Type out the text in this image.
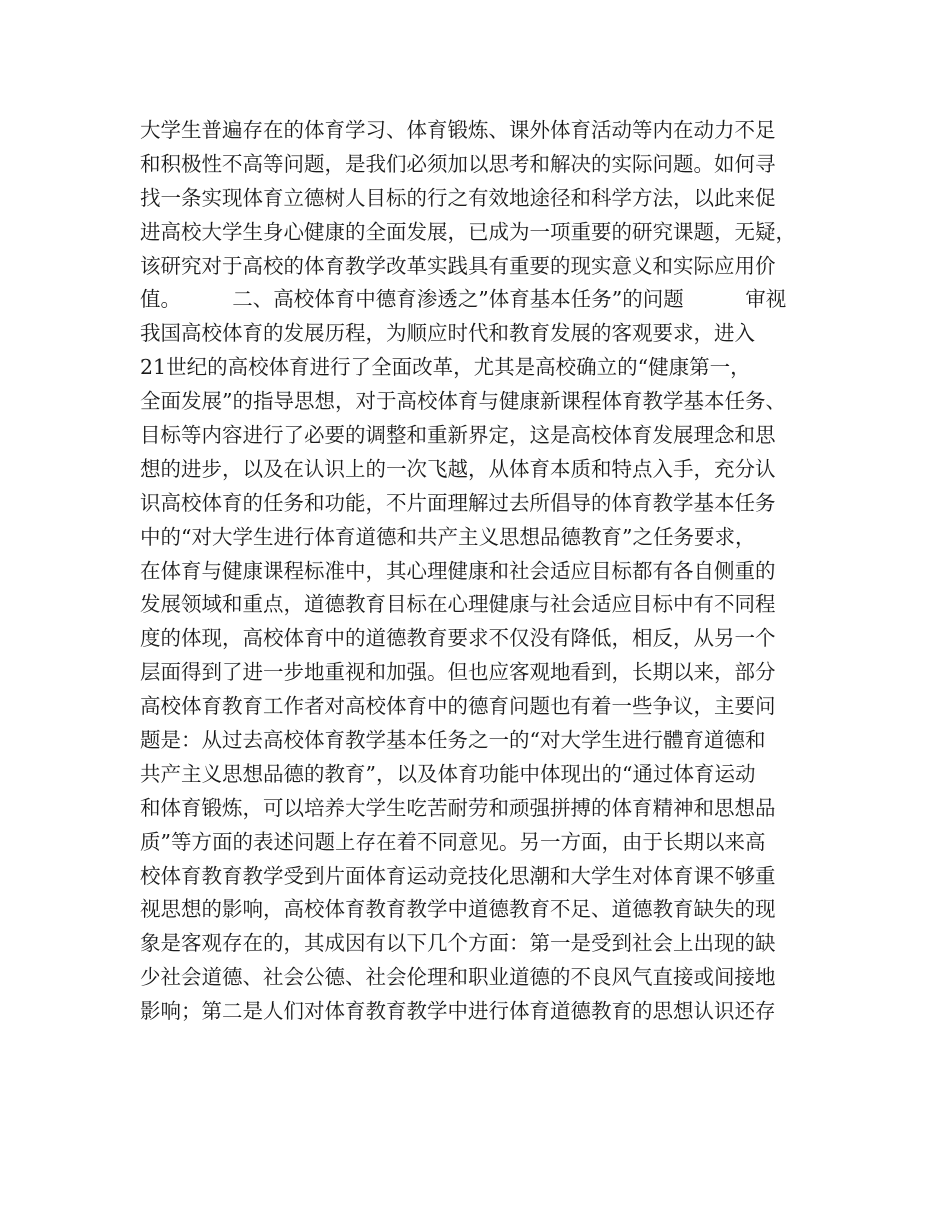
大学生普遍存在的体育学习、体育锻炼、课外体育活动等内在动力不足
和积极性不高等问题，是我们必须加以思考和解决的实际问题。如何寻
找一条实现体育立德树人目标的行之有效地途径和科学方法，以此来促
进高校大学生身心健康的全面发展，已成为一项重要的研究课题，无疑，
该研究对于高校的体育教学改革实践具有重要的现实意义和实际应用价
值。　　　二、高校体育中德育渗透之”体育基本任务”的问题　　　审视
我国高校体育的发展历程，为顺应时代和教育发展的客观要求，进入
21世纪的高校体育进行了全面改革，尤其是高校确立的“健康第一，
全面发展”的指导思想，对于高校体育与健康新课程体育教学基本任务、
目标等内容进行了必要的调整和重新界定，这是高校体育发展理念和思
想的进步，以及在认识上的一次飞越，从体育本质和特点入手，充分认
识高校体育的任务和功能，不片面理解过去所倡导的体育教学基本任务
中的“对大学生进行体育道德和共产主义思想品德教育”之任务要求，
在体育与健康课程标准中，其心理健康和社会适应目标都有各自侧重的
发展领域和重点，道德教育目标在心理健康与社会适应目标中有不同程
度的体现，高校体育中的道德教育要求不仅没有降低，相反，从另一个
层面得到了进一步地重视和加强。但也应客观地看到，长期以来，部分
高校体育教育工作者对高校体育中的德育问题也有着一些争议，主要问
题是：从过去高校体育教学基本任务之一的“对大学生进行體育道德和
共产主义思想品德的教育”，以及体育功能中体现出的“通过体育运动
和体育锻炼，可以培养大学生吃苦耐劳和顽强拼搏的体育精神和思想品
质”等方面的表述问题上存在着不同意见。另一方面，由于长期以来高
校体育教育教学受到片面体育运动竞技化思潮和大学生对体育课不够重
视思想的影响，高校体育教育教学中道德教育不足、道德教育缺失的现
象是客观存在的，其成因有以下几个方面：第一是受到社会上出现的缺
少社会道德、社会公德、社会伦理和职业道德的不良风气直接或间接地
影响；第二是人们对体育教育教学中进行体育道德教育的思想认识还存
